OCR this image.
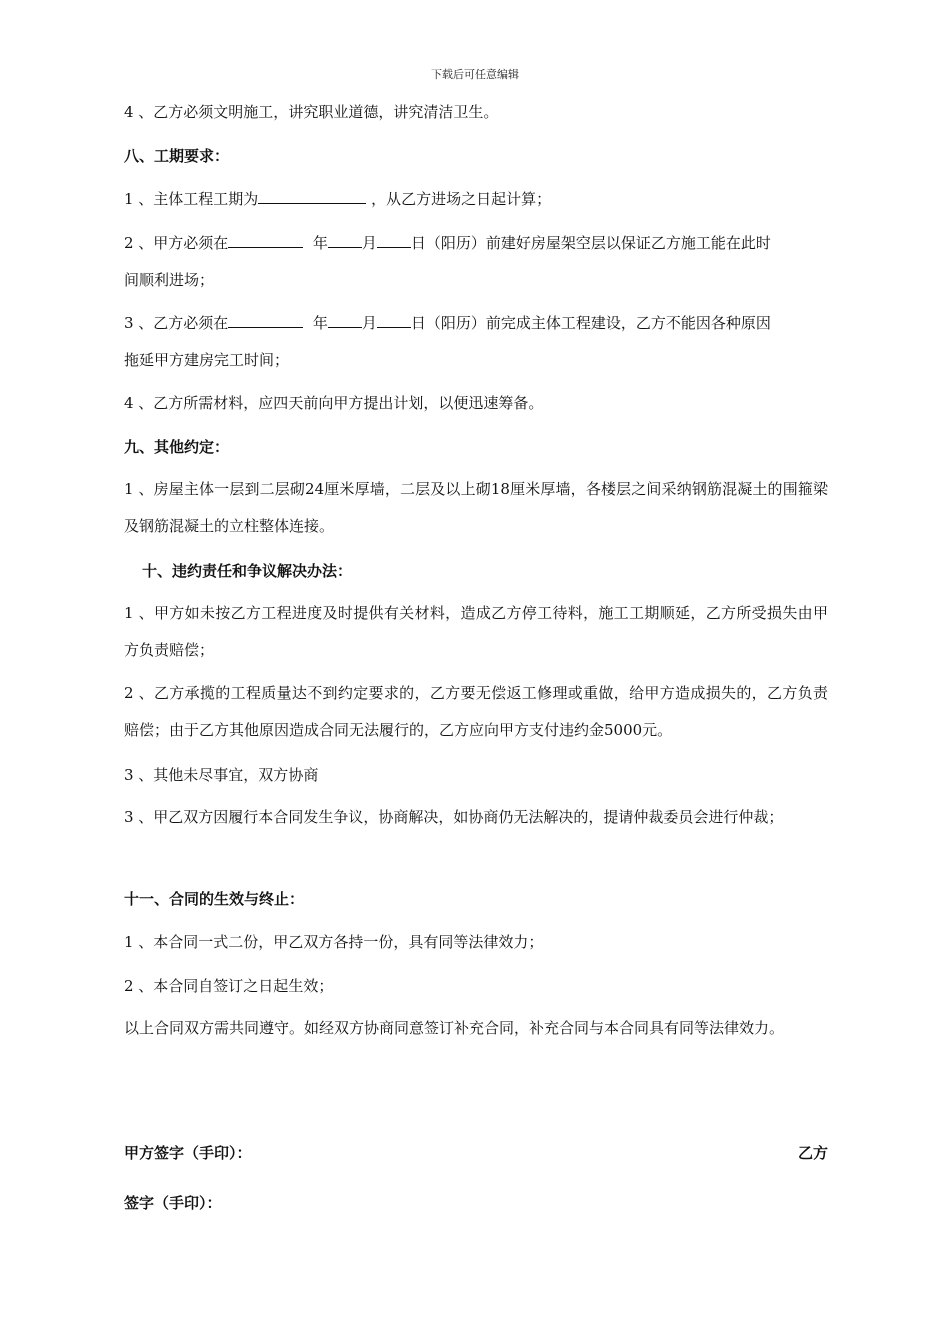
下载后可任意编辑
4 、乙方必须文明施工，讲究职业道德，讲究清洁卫生。
八、工期要求：
1 、主体工程工期为	，从乙方进场之日起计算；
2 、甲方必须在	年 月 日（阳历）前建好房屋架空层以保证乙方施工能在此时
间顺利进场；
3 、乙方必须在	年 月 日（阳历）前完成主体工程建设，乙方不能因各种原因
拖延甲方建房完工时间；
4 、乙方所需材料，应四天前向甲方提出计划，以便迅速筹备。
九、其他约定：
1 、房屋主体一层到二层砌24厘米厚墙，二层及以上砌18厘米厚墙，各楼层之间采纳钢筋混凝土的围箍梁及钢筋混凝土的立柱整体连接。
十、违约责任和争议解决办法：
1 、甲方如未按乙方工程进度及时提供有关材料，造成乙方停工待料，施工工期顺延，乙方所受损失由甲方负责赔偿；
2 、乙方承揽的工程质量达不到约定要求的，乙方要无偿返工修理或重做，给甲方造成损失的，乙方负责赔偿；由于乙方其他原因造成合同无法履行的，乙方应向甲方支付违约金5000元。
3 、其他未尽事宜，双方协商
3 、甲乙双方因履行本合同发生争议，协商解决，如协商仍无法解决的，提请仲裁委员会进行仲裁；
十一、合同的生效与终止：
1 、本合同一式二份，甲乙双方各持一份，具有同等法律效力；
2 、本合同自签订之日起生效；
以上合同双方需共同遵守。如经双方协商同意签订补充合同，补充合同与本合同具有同等法律效力。
甲方签字（手印）：	乙方
签字（手印）：
